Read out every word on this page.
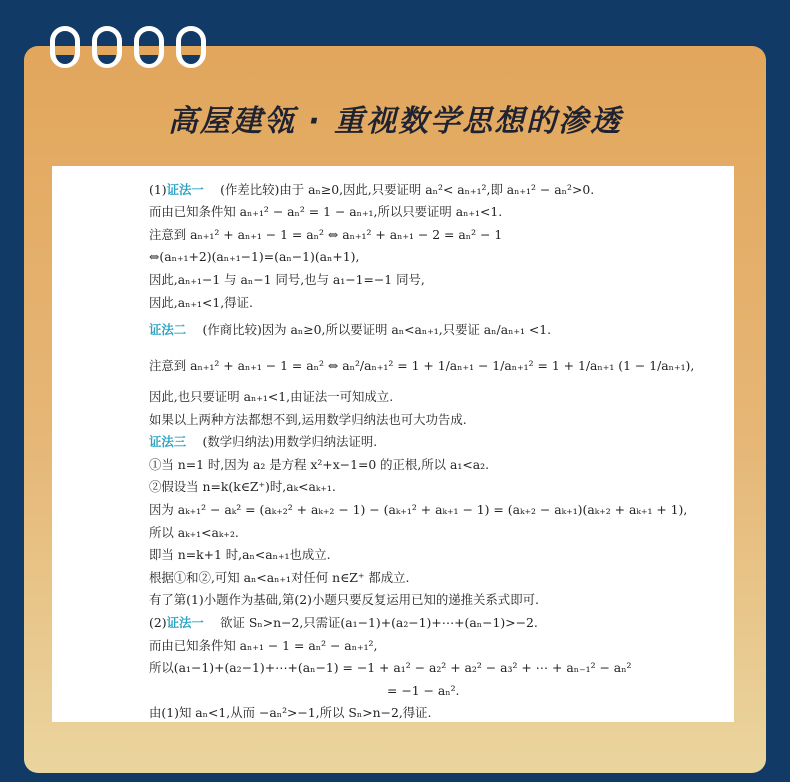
高屋建瓴 · 重视数学思想的渗透
(1) 证法一 　(作差比较)由于 aₙ≥0,因此,只要证明 aₙ²< aₙ₊₁²,即 aₙ₊₁² − aₙ²>0.
而由已知条件知 aₙ₊₁² − aₙ² = 1 − aₙ₊₁,所以只要证明 aₙ₊₁<1.
注意到 aₙ₊₁² + aₙ₊₁ − 1 = aₙ² ⇔ aₙ₊₁² + aₙ₊₁ − 2 = aₙ² − 1
⇔(aₙ₊₁+2)(aₙ₊₁−1)=(aₙ−1)(aₙ+1),
因此,aₙ₊₁−1 与 aₙ−1 同号,也与 a₁−1=−1 同号,
因此,aₙ₊₁<1,得证.
证法二 　(作商比较)因为 aₙ≥0,所以要证明 aₙ<aₙ₊₁,只要证 aₙ/aₙ₊₁ <1.
注意到 aₙ₊₁² + aₙ₊₁ − 1 = aₙ² ⇔ aₙ²/aₙ₊₁² = 1 + 1/aₙ₊₁ − 1/aₙ₊₁² = 1 + 1/aₙ₊₁ (1 − 1/aₙ₊₁),
因此,也只要证明 aₙ₊₁<1,由证法一可知成立.
如果以上两种方法都想不到,运用数学归纳法也可大功告成.
证法三 　(数学归纳法)用数学归纳法证明.
①当 n=1 时,因为 a₂ 是方程 x²+x−1=0 的正根,所以 a₁<a₂.
②假设当 n=k(k∈Z⁺)时,aₖ<aₖ₊₁.
因为 aₖ₊₁² − aₖ² = (aₖ₊₂² + aₖ₊₂ − 1) − (aₖ₊₁² + aₖ₊₁ − 1) = (aₖ₊₂ − aₖ₊₁)(aₖ₊₂ + aₖ₊₁ + 1),
所以 aₖ₊₁<aₖ₊₂.
即当 n=k+1 时,aₙ<aₙ₊₁也成立.
根据①和②,可知 aₙ<aₙ₊₁对任何 n∈Z⁺ 都成立.
有了第(1)小题作为基础,第(2)小题只要反复运用已知的递推关系式即可.
(2) 证法一 　欲证 Sₙ>n−2,只需证(a₁−1)+(a₂−1)+⋯+(aₙ−1)>−2.
而由已知条件知 aₙ₊₁ − 1 = aₙ² − aₙ₊₁²,
所以(a₁−1)+(a₂−1)+⋯+(aₙ−1) = −1 + a₁² − a₂² + a₂² − a₃² + ⋯ + aₙ₋₁² − aₙ²
= −1 − aₙ².
由(1)知 aₙ<1,从而 −aₙ²>−1,所以 Sₙ>n−2,得证.
